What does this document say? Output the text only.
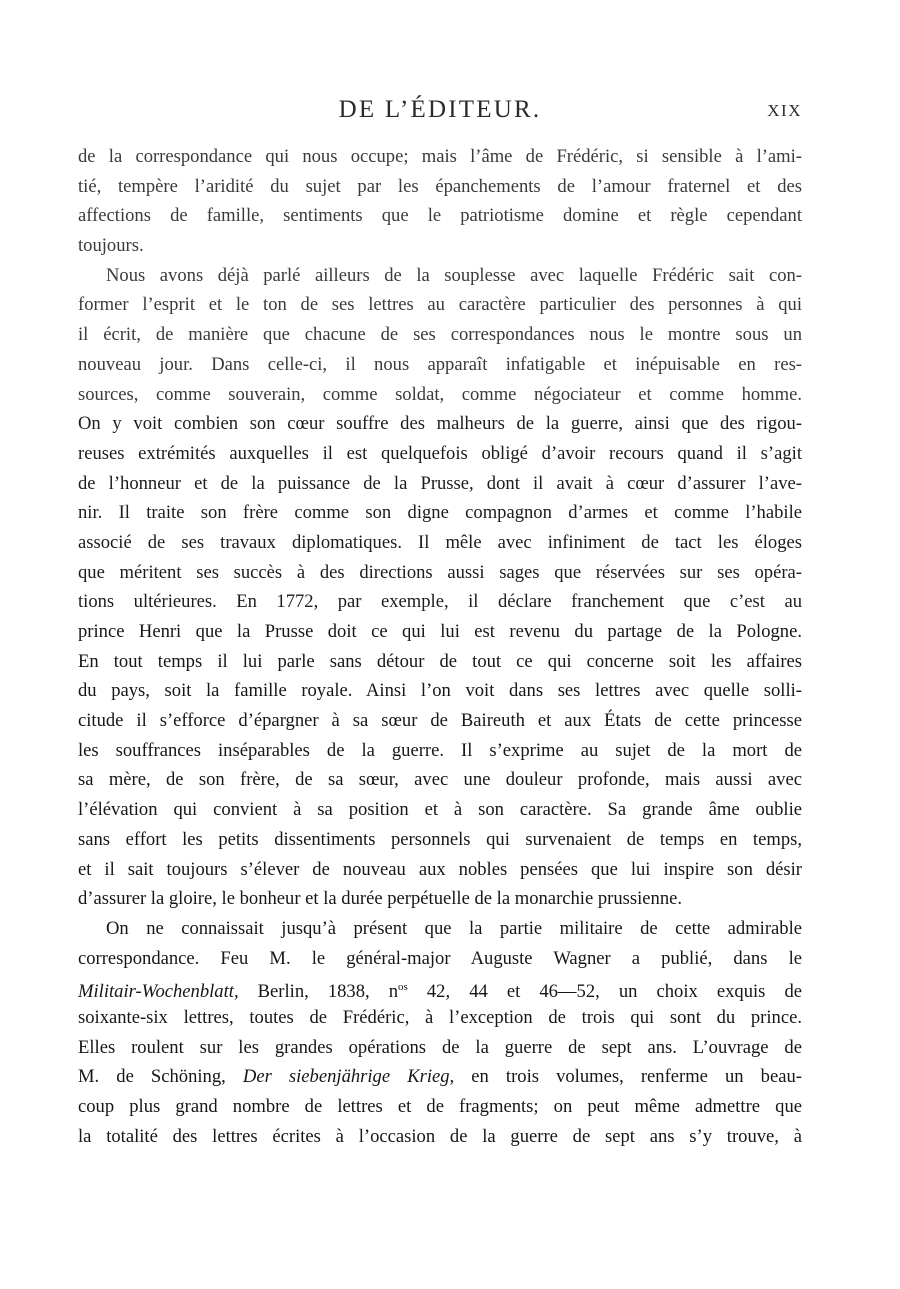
DE L’ÉDITEUR.	XIX
de la correspondance qui nous occupe; mais l’âme de Frédéric, si sensible à l’ami-
tié, tempère l’aridité du sujet par les épanchements de l’amour fraternel et des
affections de famille, sentiments que le patriotisme domine et règle cependant
toujours.
Nous avons déjà parlé ailleurs de la souplesse avec laquelle Frédéric sait con-
former l’esprit et le ton de ses lettres au caractère particulier des personnes à qui
il écrit, de manière que chacune de ses correspondances nous le montre sous un
nouveau jour. Dans celle-ci, il nous apparaît infatigable et inépuisable en res-
sources, comme souverain, comme soldat, comme négociateur et comme homme.
On y voit combien son cœur souffre des malheurs de la guerre, ainsi que des rigou-
reuses extrémités auxquelles il est quelquefois obligé d’avoir recours quand il s’agit
de l’honneur et de la puissance de la Prusse, dont il avait à cœur d’assurer l’ave-
nir. Il traite son frère comme son digne compagnon d’armes et comme l’habile
associé de ses travaux diplomatiques. Il mêle avec infiniment de tact les éloges
que méritent ses succès à des directions aussi sages que réservées sur ses opéra-
tions ultérieures. En 1772, par exemple, il déclare franchement que c’est au
prince Henri que la Prusse doit ce qui lui est revenu du partage de la Pologne.
En tout temps il lui parle sans détour de tout ce qui concerne soit les affaires
du pays, soit la famille royale. Ainsi l’on voit dans ses lettres avec quelle solli-
citude il s’efforce d’épargner à sa sœur de Baireuth et aux États de cette princesse
les souffrances inséparables de la guerre. Il s’exprime au sujet de la mort de
sa mère, de son frère, de sa sœur, avec une douleur profonde, mais aussi avec
l’élévation qui convient à sa position et à son caractère. Sa grande âme oublie
sans effort les petits dissentiments personnels qui survenaient de temps en temps,
et il sait toujours s’élever de nouveau aux nobles pensées que lui inspire son désir
d’assurer la gloire, le bonheur et la durée perpétuelle de la monarchie prussienne.
On ne connaissait jusqu’à présent que la partie militaire de cette admirable
correspondance. Feu M. le général-major Auguste Wagner a publié, dans le
Militair-Wochenblatt, Berlin, 1838, $n^{os}$ 42, 44 et 46—52, un choix exquis de
soixante-six lettres, toutes de Frédéric, à l’exception de trois qui sont du prince.
Elles roulent sur les grandes opérations de la guerre de sept ans. L’ouvrage de
M. de Schöning, Der siebenjährige Krieg, en trois volumes, renferme un beau-
coup plus grand nombre de lettres et de fragments; on peut même admettre que
la totalité des lettres écrites à l’occasion de la guerre de sept ans s’y trouve, à
